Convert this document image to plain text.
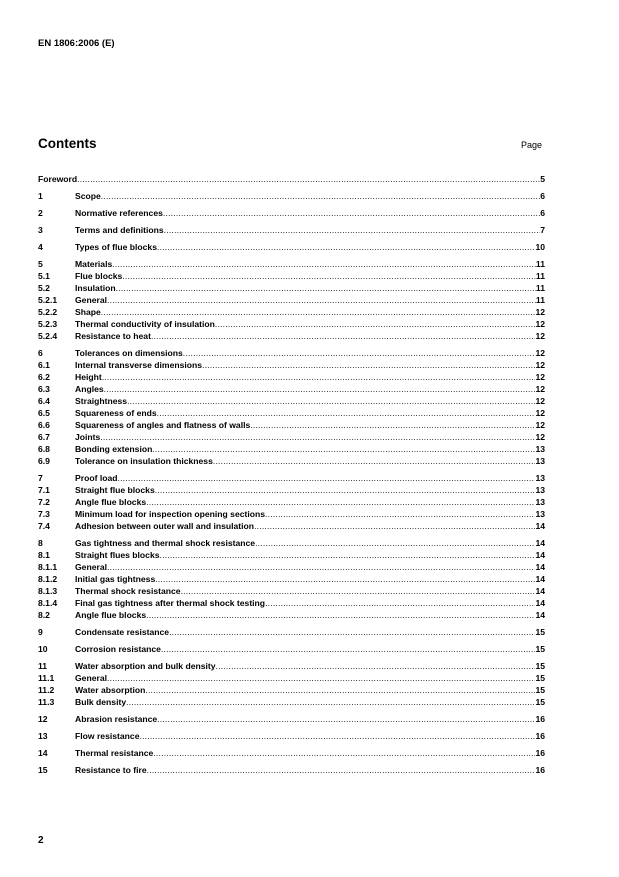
EN 1806:2006 (E)
Contents	Page
Foreword .....	5
1	Scope .....	6
2	Normative references .....	6
3	Terms and definitions .....	7
4	Types of flue blocks .....	10
5	Materials .....	11
5.1	Flue blocks .....	11
5.2	Insulation .....	11
5.2.1	General .....	11
5.2.2	Shape .....	12
5.2.3	Thermal conductivity of insulation .....	12
5.2.4	Resistance to heat .....	12
6	Tolerances on dimensions .....	12
6.1	Internal transverse dimensions .....	12
6.2	Height .....	12
6.3	Angles .....	12
6.4	Straightness .....	12
6.5	Squareness of ends .....	12
6.6	Squareness of angles and flatness of walls .....	12
6.7	Joints .....	12
6.8	Bonding extension .....	13
6.9	Tolerance on insulation thickness .....	13
7	Proof load .....	13
7.1	Straight flue blocks .....	13
7.2	Angle flue blocks .....	13
7.3	Minimum load for inspection opening sections .....	13
7.4	Adhesion between outer wall and insulation .....	14
8	Gas tightness and thermal shock resistance .....	14
8.1	Straight flues blocks .....	14
8.1.1	General .....	14
8.1.2	Initial gas tightness .....	14
8.1.3	Thermal shock resistance .....	14
8.1.4	Final gas tightness after thermal shock testing .....	14
8.2	Angle flue blocks .....	14
9	Condensate resistance .....	15
10	Corrosion resistance .....	15
11	Water absorption and bulk density .....	15
11.1	General .....	15
11.2	Water absorption .....	15
11.3	Bulk density .....	15
12	Abrasion resistance .....	16
13	Flow resistance .....	16
14	Thermal resistance .....	16
15	Resistance to fire .....	16
2
